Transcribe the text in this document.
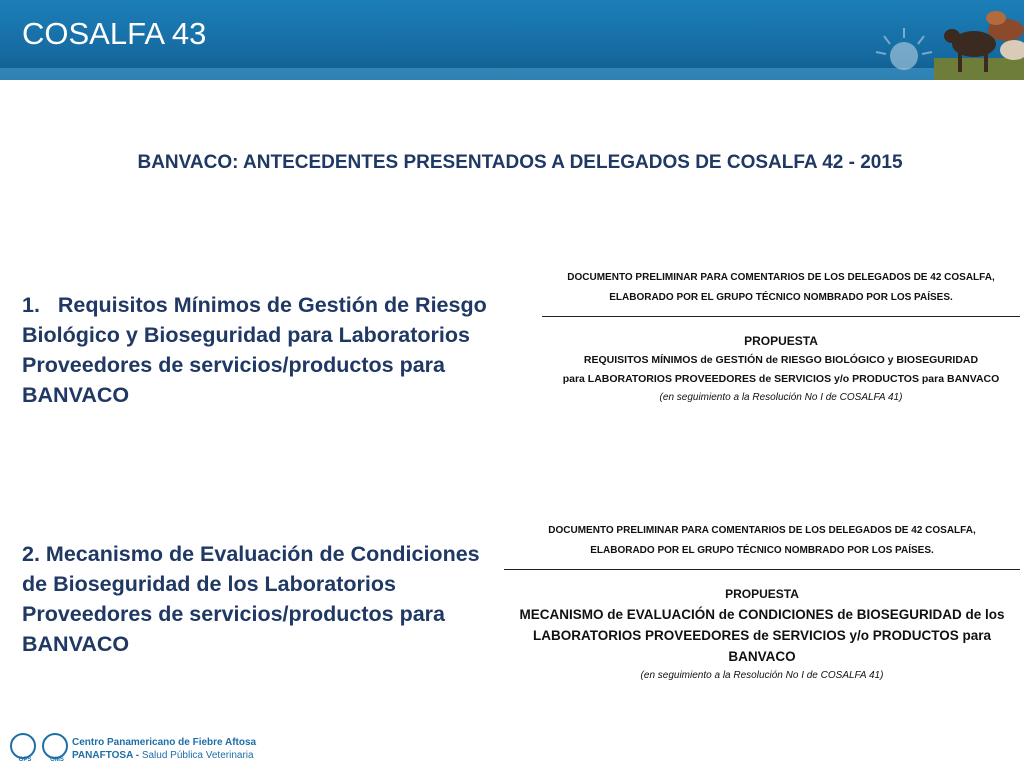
COSALFA 43
BANVACO: ANTECEDENTES PRESENTADOS A DELEGADOS DE COSALFA 42 - 2015
1. Requisitos Mínimos de Gestión de Riesgo Biológico y Bioseguridad para Laboratorios Proveedores de servicios/productos para BANVACO
2. Mecanismo de Evaluación de Condiciones de Bioseguridad de los Laboratorios Proveedores de servicios/productos para BANVACO
DOCUMENTO PRELIMINAR PARA COMENTARIOS DE LOS DELEGADOS DE 42 COSALFA,
ELABORADO POR EL GRUPO TÉCNICO NOMBRADO POR LOS PAÍSES.
PROPUESTA
REQUISITOS MÍNIMOS de GESTIÓN de RIESGO BIOLÓGICO y BIOSEGURIDAD
para LABORATORIOS PROVEEDORES de SERVICIOS y/o PRODUCTOS para BANVACO
(en seguimiento a la Resolución No I de COSALFA 41)
DOCUMENTO PRELIMINAR PARA COMENTARIOS DE LOS DELEGADOS DE 42 COSALFA,
ELABORADO POR EL GRUPO TÉCNICO NOMBRADO POR LOS PAÍSES.
PROPUESTA
MECANISMO de EVALUACIÓN de CONDICIONES de BIOSEGURIDAD de los
LABORATORIOS PROVEEDORES de SERVICIOS y/o PRODUCTOS para BANVACO
(en seguimiento a la Resolución No I de COSALFA 41)
OPS	OMS
Centro Panamericano de Fiebre Aftosa
PANAFTOSA - Salud Pública Veterinaria
